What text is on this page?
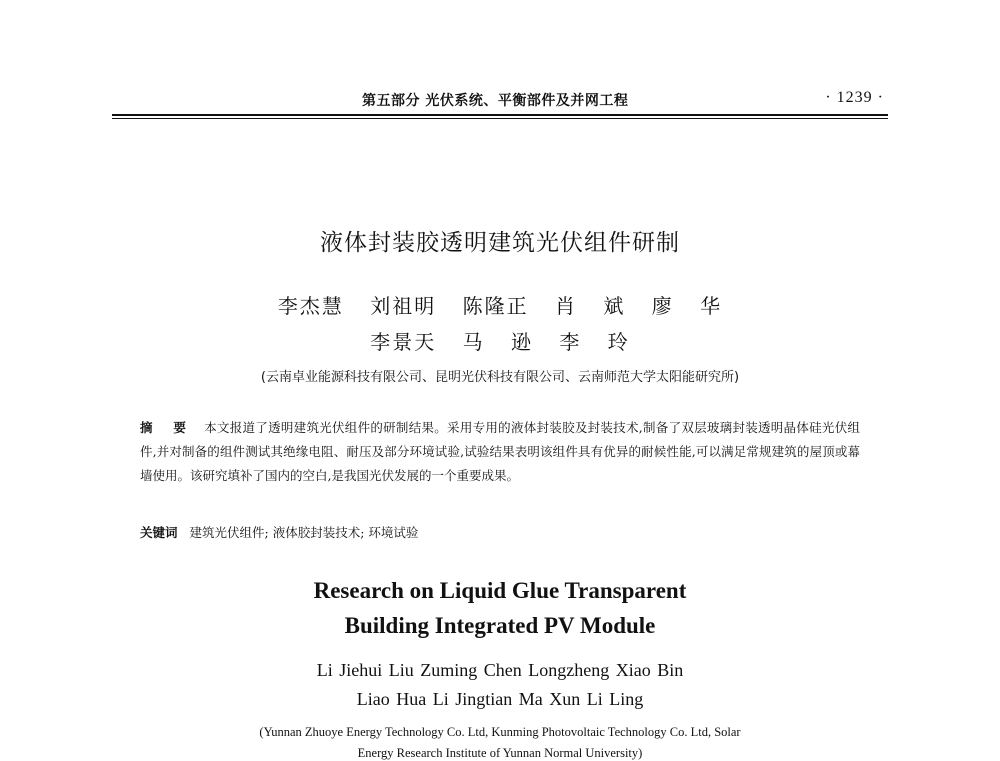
第五部分 光伏系统、平衡部件及并网工程	· 1239 ·
液体封装胶透明建筑光伏组件研制
李杰慧 刘祖明 陈隆正 肖 斌 廖 华
李景天 马 逊 李 玲
(云南卓业能源科技有限公司、昆明光伏科技有限公司、云南师范大学太阳能研究所)
摘 要 本文报道了透明建筑光伏组件的研制结果。采用专用的液体封装胶及封装技术,制备了双层玻璃封装透明晶体硅光伏组件,并对制备的组件测试其绝缘电阻、耐压及部分环境试验,试验结果表明该组件具有优异的耐候性能,可以满足常规建筑的屋顶或幕墙使用。该研究填补了国内的空白,是我国光伏发展的一个重要成果。
关键词 建筑光伏组件; 液体胶封装技术; 环境试验
Research on Liquid Glue Transparent
Building Integrated PV Module
Li Jiehui Liu Zuming Chen Longzheng Xiao Bin
Liao Hua Li Jingtian Ma Xun Li Ling
(Yunnan Zhuoye Energy Technology Co. Ltd, Kunming Photovoltaic Technology Co. Ltd, Solar
Energy Research Institute of Yunnan Normal University)
